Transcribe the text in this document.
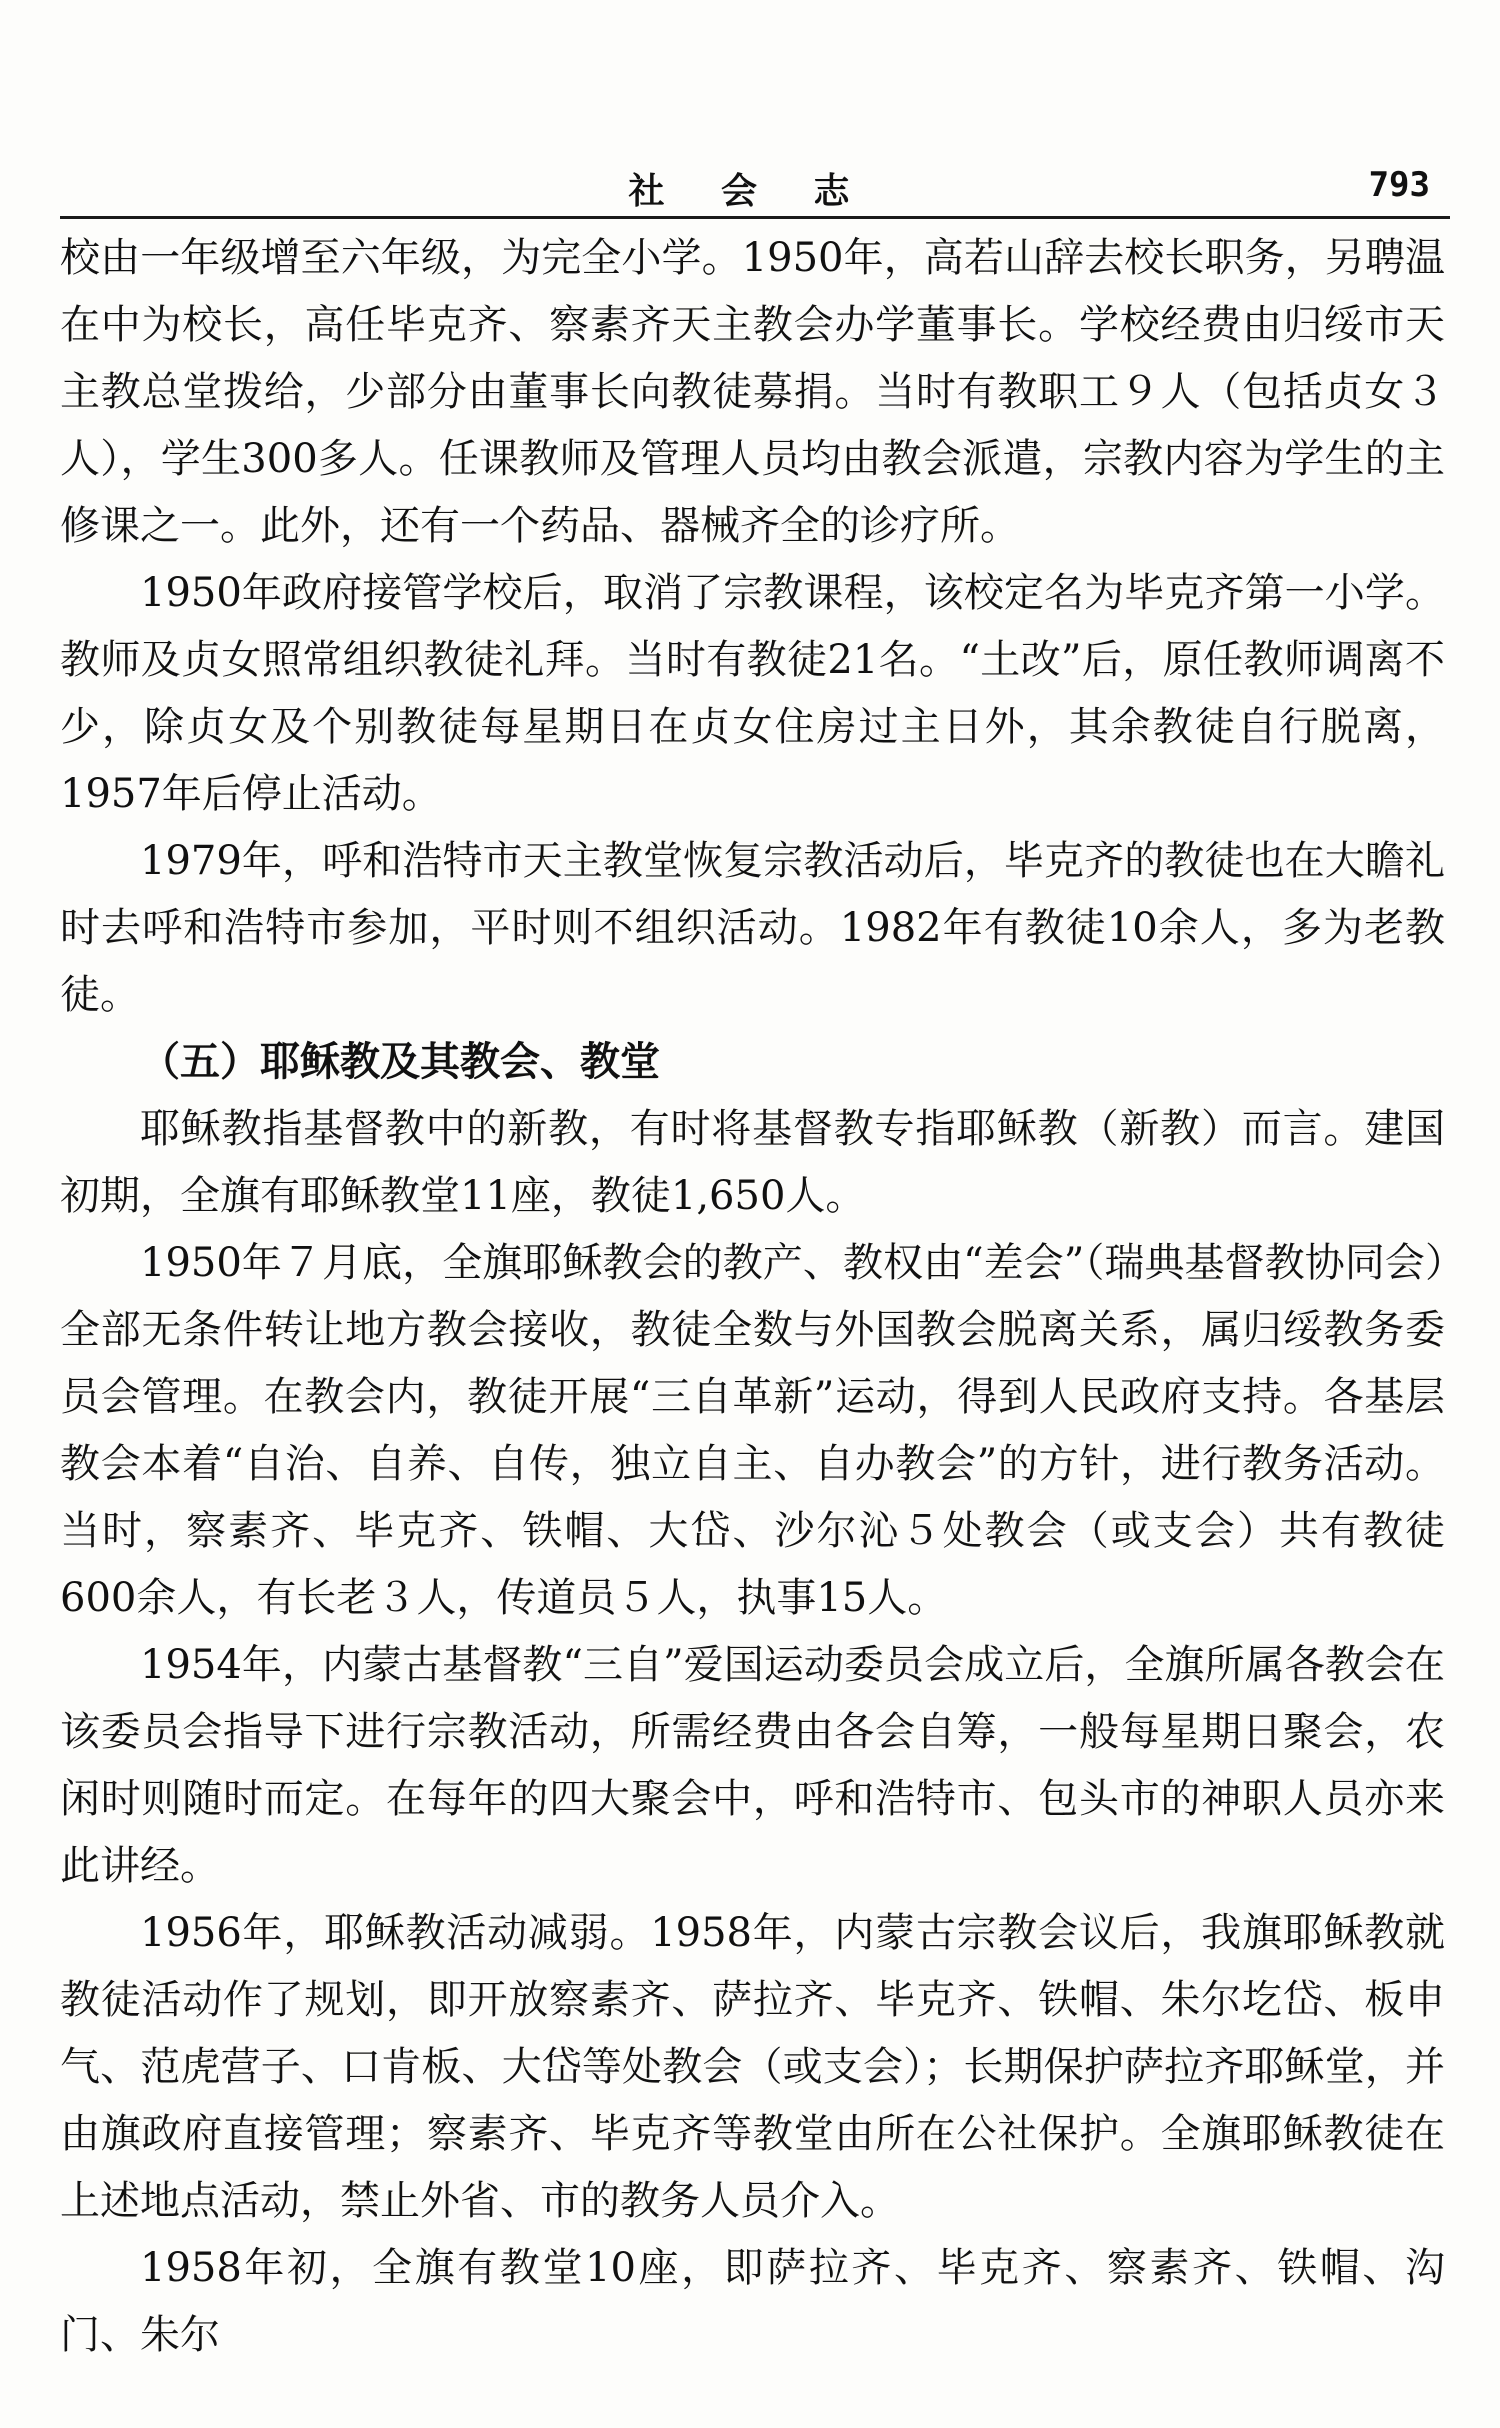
社 会 志	793

校由一年级增至六年级，为完全小学。1950年，高若山辞去校长职务，另聘温在中为校长，高任毕克齐、察素齐天主教会办学董事长。学校经费由归绥市天主教总堂拨给，少部分由董事长向教徒募捐。当时有教职工９人（包括贞女３人），学生300多人。任课教师及管理人员均由教会派遣，宗教内容为学生的主修课之一。此外，还有一个药品、器械齐全的诊疗所。

1950年政府接管学校后，取消了宗教课程，该校定名为毕克齐第一小学。教师及贞女照常组织教徒礼拜。当时有教徒21名。“土改”后，原任教师调离不少，除贞女及个别教徒每星期日在贞女住房过主日外，其余教徒自行脱离，1957年后停止活动。

1979年，呼和浩特市天主教堂恢复宗教活动后，毕克齐的教徒也在大瞻礼时去呼和浩特市参加，平时则不组织活动。1982年有教徒10余人，多为老教徒。

（五）耶稣教及其教会、教堂

耶稣教指基督教中的新教，有时将基督教专指耶稣教（新教）而言。建国初期，全旗有耶稣教堂11座，教徒1,650人。

1950年７月底，全旗耶稣教会的教产、教权由“差会”（瑞典基督教协同会）全部无条件转让地方教会接收，教徒全数与外国教会脱离关系，属归绥教务委员会管理。在教会内，教徒开展“三自革新”运动，得到人民政府支持。各基层教会本着“自治、自养、自传，独立自主、自办教会”的方针，进行教务活动。当时，察素齐、毕克齐、铁帽、大岱、沙尔沁５处教会（或支会）共有教徒600余人，有长老３人，传道员５人，执事15人。

1954年，内蒙古基督教“三自”爱国运动委员会成立后，全旗所属各教会在该委员会指导下进行宗教活动，所需经费由各会自筹，一般每星期日聚会，农闲时则随时而定。在每年的四大聚会中，呼和浩特市、包头市的神职人员亦来此讲经。

1956年，耶稣教活动减弱。1958年，内蒙古宗教会议后，我旗耶稣教就教徒活动作了规划，即开放察素齐、萨拉齐、毕克齐、铁帽、朱尔圪岱、板申气、范虎营子、口肯板、大岱等处教会（或支会）；长期保护萨拉齐耶稣堂，并由旗政府直接管理；察素齐、毕克齐等教堂由所在公社保护。全旗耶稣教徒在上述地点活动，禁止外省、市的教务人员介入。

1958年初，全旗有教堂10座，即萨拉齐、毕克齐、察素齐、铁帽、沟门、朱尔
